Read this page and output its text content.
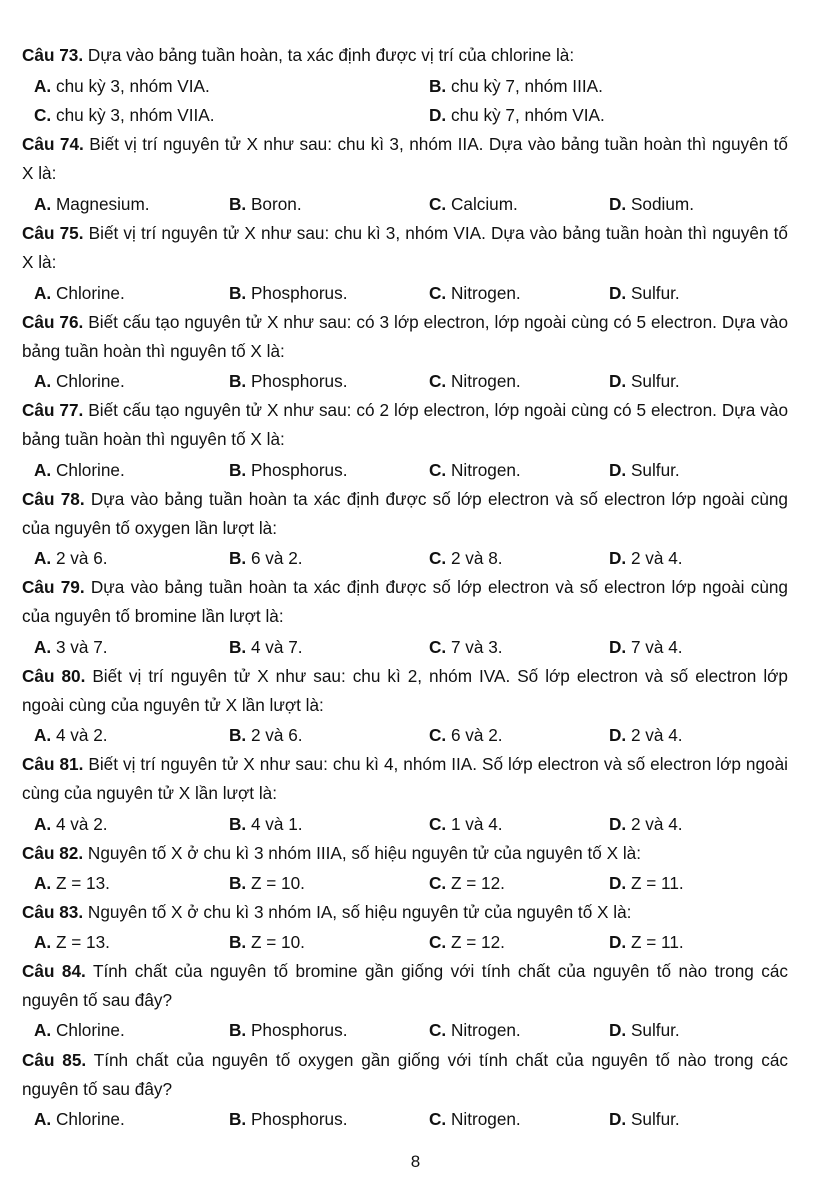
Câu 73. Dựa vào bảng tuần hoàn, ta xác định được vị trí của chlorine là:
A. chu kỳ 3, nhóm VIA.	B. chu kỳ 7, nhóm IIIA.
C. chu kỳ 3, nhóm VIIA.	D. chu kỳ 7, nhóm VIA.
Câu 74. Biết vị trí nguyên tử X như sau: chu kì 3, nhóm IIA. Dựa vào bảng tuần hoàn thì nguyên tố X là:
A. Magnesium.	B. Boron.	C. Calcium.	D. Sodium.
Câu 75. Biết vị trí nguyên tử X như sau: chu kì 3, nhóm VIA. Dựa vào bảng tuần hoàn thì nguyên tố X là:
A. Chlorine.	B. Phosphorus.	C. Nitrogen.	D. Sulfur.
Câu 76. Biết cấu tạo nguyên tử X như sau: có 3 lớp electron, lớp ngoài cùng có 5 electron. Dựa vào bảng tuần hoàn thì nguyên tố X là:
A. Chlorine.	B. Phosphorus.	C. Nitrogen.	D. Sulfur.
Câu 77. Biết cấu tạo nguyên tử X như sau: có 2 lớp electron, lớp ngoài cùng có 5 electron. Dựa vào bảng tuần hoàn thì nguyên tố X là:
A. Chlorine.	B. Phosphorus.	C. Nitrogen.	D. Sulfur.
Câu 78. Dựa vào bảng tuần hoàn ta xác định được số lớp electron và số electron lớp ngoài cùng của nguyên tố oxygen lần lượt là:
A. 2 và 6.	B. 6 và 2.	C. 2 và 8.	D. 2 và 4.
Câu 79. Dựa vào bảng tuần hoàn ta xác định được số lớp electron và số electron lớp ngoài cùng của nguyên tố bromine lần lượt là:
A. 3 và 7.	B. 4 và 7.	C. 7 và 3.	D. 7 và 4.
Câu 80. Biết vị trí nguyên tử X như sau: chu kì 2, nhóm IVA. Số lớp electron và số electron lớp ngoài cùng của nguyên tử X lần lượt là:
A. 4 và 2.	B. 2 và 6.	C. 6 và 2.	D. 2 và 4.
Câu 81. Biết vị trí nguyên tử X như sau: chu kì 4, nhóm IIA. Số lớp electron và số electron lớp ngoài cùng của nguyên tử X lần lượt là:
A. 4 và 2.	B. 4 và 1.	C. 1 và 4.	D. 2 và 4.
Câu 82. Nguyên tố X ở chu kì 3 nhóm IIIA, số hiệu nguyên tử của nguyên tố X là:
A. Z = 13.	B. Z = 10.	C. Z = 12.	D. Z = 11.
Câu 83. Nguyên tố X ở chu kì 3 nhóm IA, số hiệu nguyên tử của nguyên tố X là:
A. Z = 13.	B. Z = 10.	C. Z = 12.	D. Z = 11.
Câu 84. Tính chất của nguyên tố bromine gần giống với tính chất của nguyên tố nào trong các nguyên tố sau đây?
A. Chlorine.	B. Phosphorus.	C. Nitrogen.	D. Sulfur.
Câu 85. Tính chất của nguyên tố oxygen gần giống với tính chất của nguyên tố nào trong các nguyên tố sau đây?
A. Chlorine.	B. Phosphorus.	C. Nitrogen.	D. Sulfur.
8
